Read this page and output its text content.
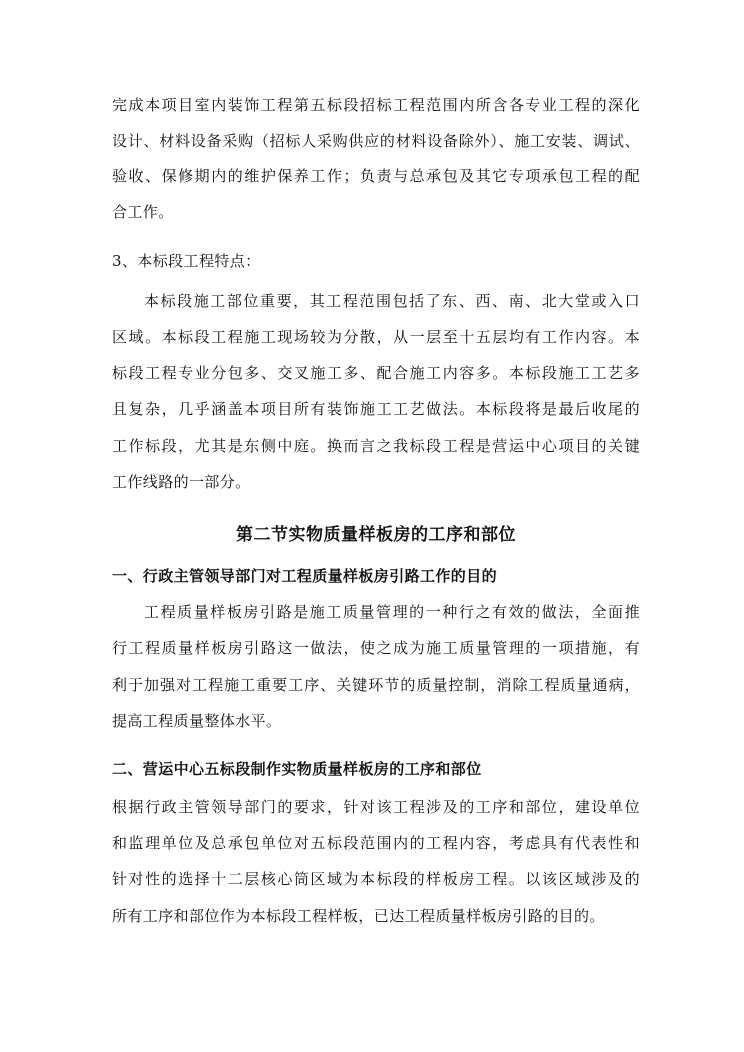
完成本项目室内装饰工程第五标段招标工程范围内所含各专业工程的深化
设计、材料设备采购（招标人采购供应的材料设备除外）、施工安装、调试、
验收、保修期内的维护保养工作；负责与总承包及其它专项承包工程的配
合工作。
3、本标段工程特点：
本标段施工部位重要，其工程范围包括了东、西、南、北大堂或入口
区域。本标段工程施工现场较为分散，从一层至十五层均有工作内容。本
标段工程专业分包多、交叉施工多、配合施工内容多。本标段施工工艺多
且复杂，几乎涵盖本项目所有装饰施工工艺做法。本标段将是最后收尾的
工作标段，尤其是东侧中庭。换而言之我标段工程是营运中心项目的关键
工作线路的一部分。
第二节实物质量样板房的工序和部位
一、行政主管领导部门对工程质量样板房引路工作的目的
工程质量样板房引路是施工质量管理的一种行之有效的做法，全面推
行工程质量样板房引路这一做法，使之成为施工质量管理的一项措施，有
利于加强对工程施工重要工序、关键环节的质量控制，消除工程质量通病，
提高工程质量整体水平。
二、营运中心五标段制作实物质量样板房的工序和部位
根据行政主管领导部门的要求，针对该工程涉及的工序和部位，建设单位
和监理单位及总承包单位对五标段范围内的工程内容，考虑具有代表性和
针对性的选择十二层核心筒区域为本标段的样板房工程。以该区域涉及的
所有工序和部位作为本标段工程样板，已达工程质量样板房引路的目的。
